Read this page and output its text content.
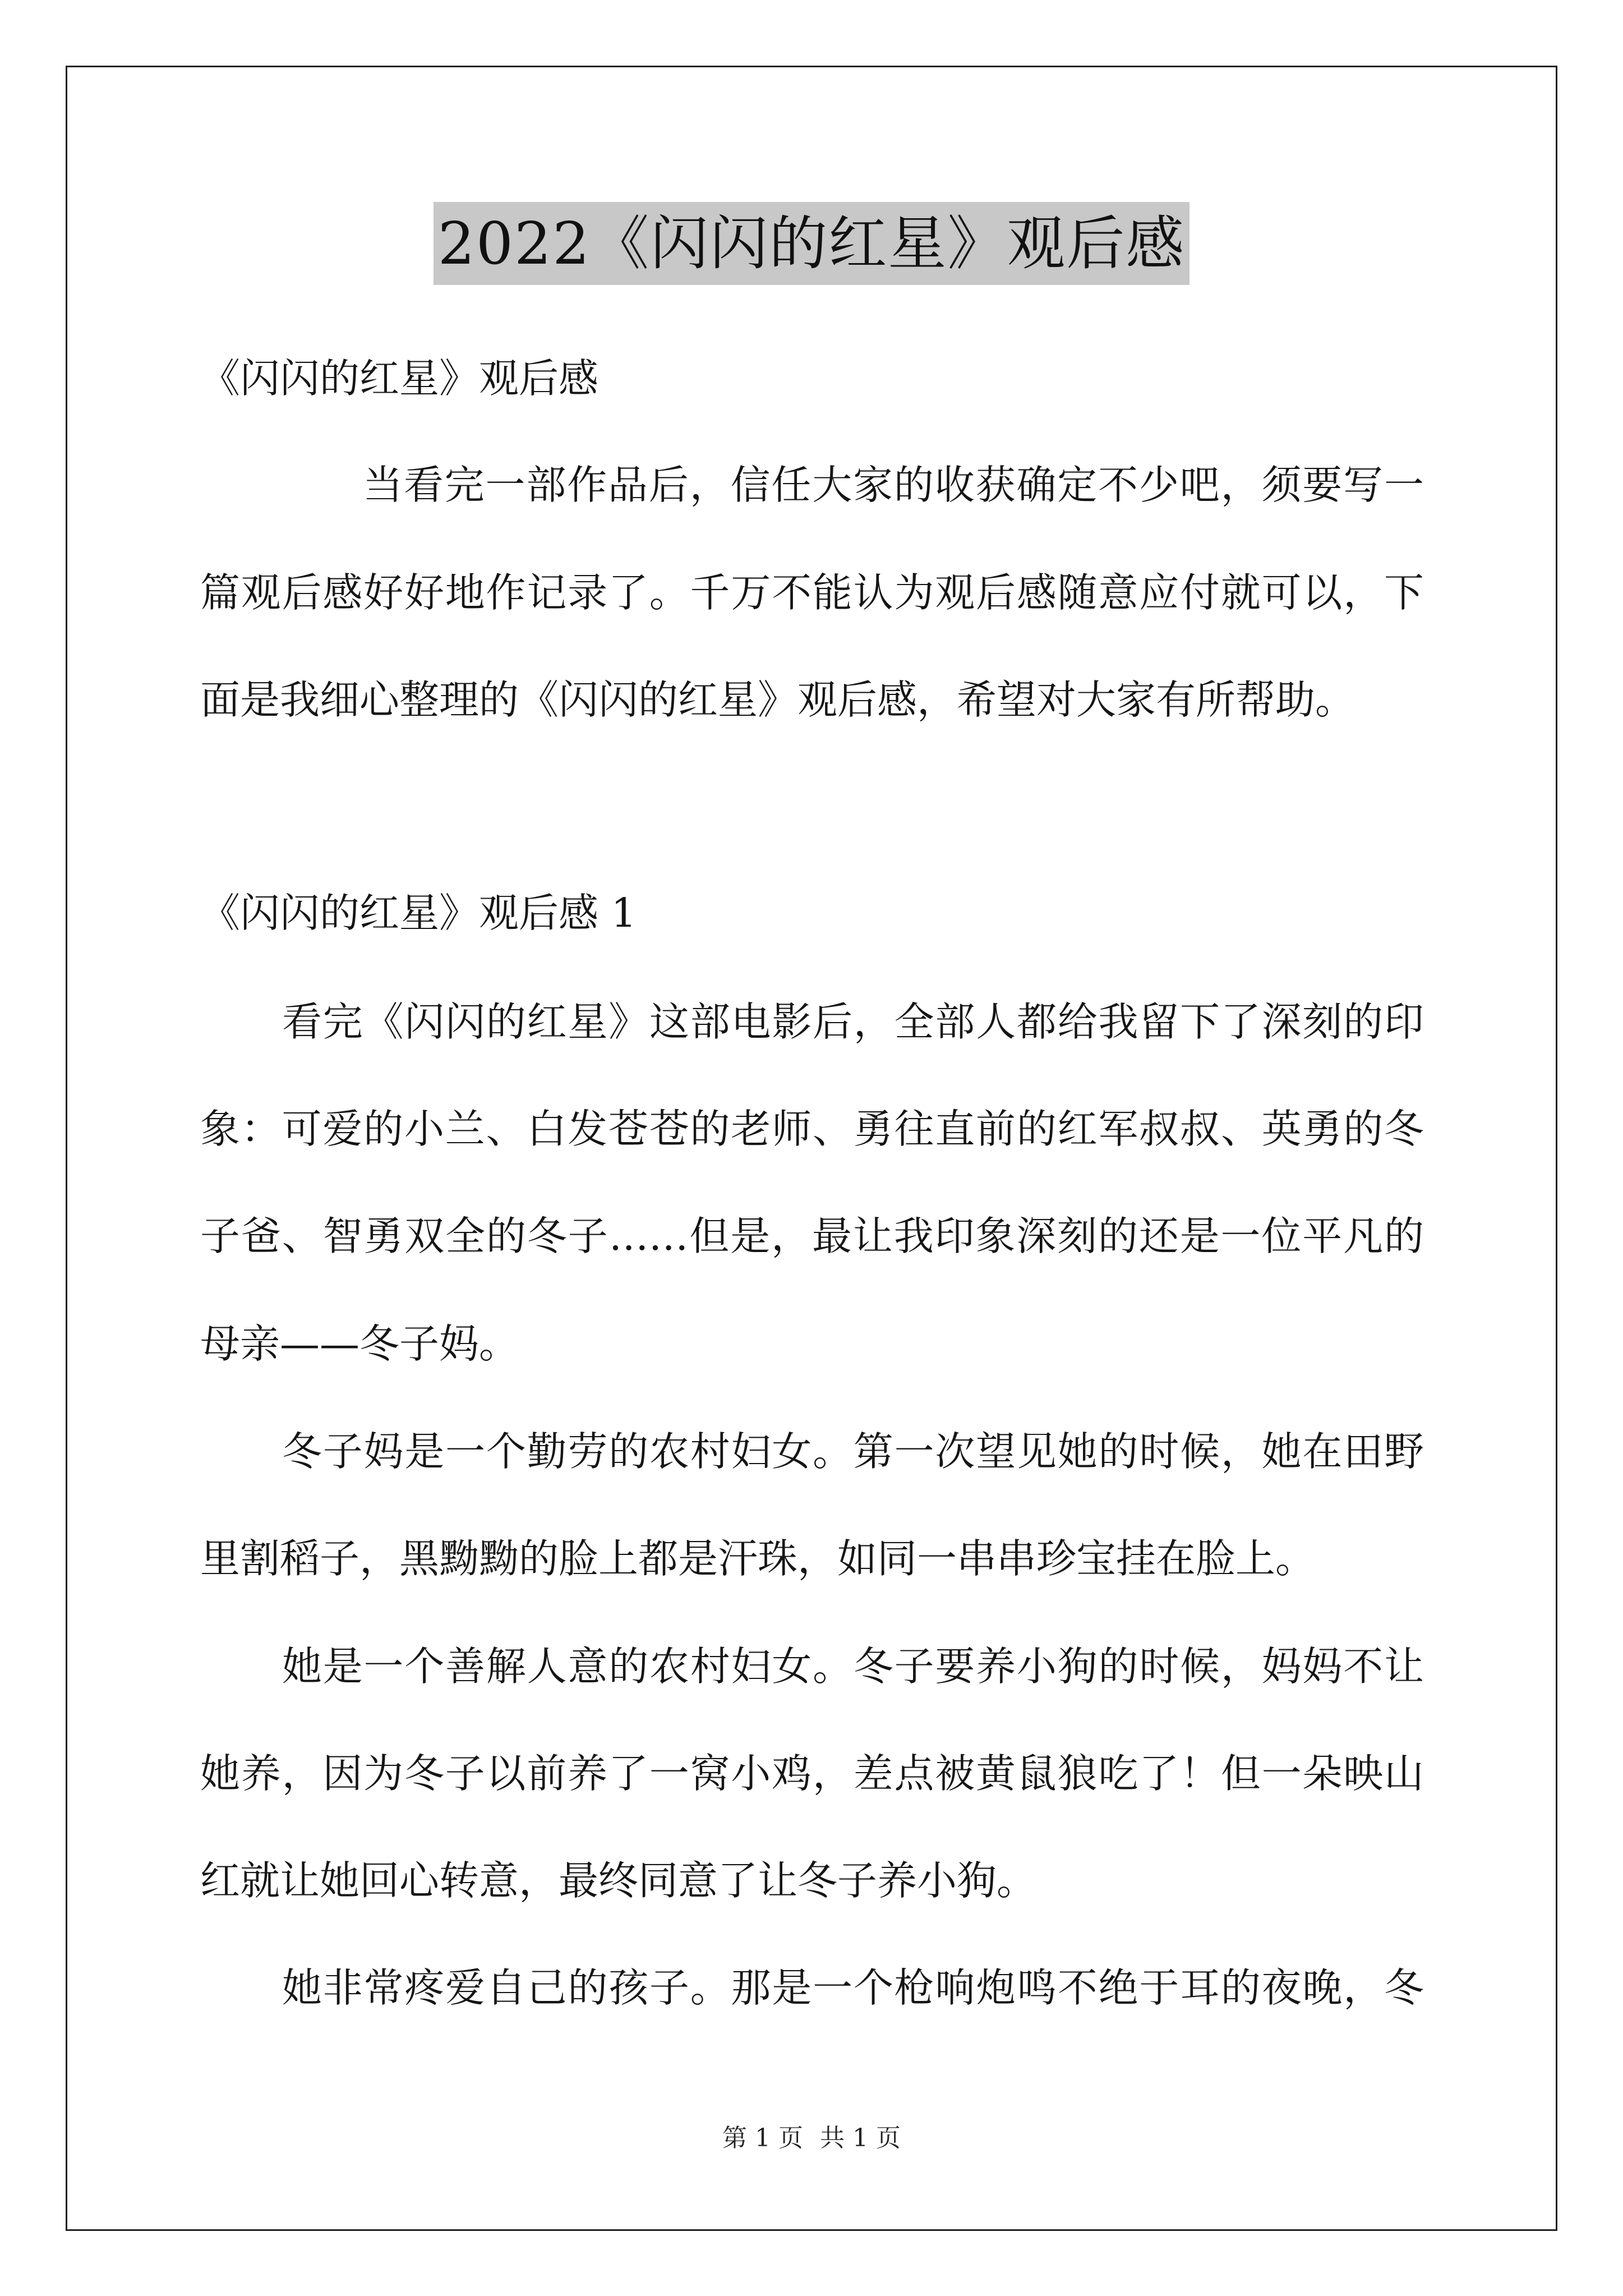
2022《闪闪的红星》观后感
《闪闪的红星》观后感
当看完一部作品后，信任大家的收获确定不少吧，须要写一
篇观后感好好地作记录了。千万不能认为观后感随意应付就可以，下
面是我细心整理的《闪闪的红星》观后感，希望对大家有所帮助。
《闪闪的红星》观后感 1
看完《闪闪的红星》这部电影后，全部人都给我留下了深刻的印
象：可爱的小兰、白发苍苍的老师、勇往直前的红军叔叔、英勇的冬
子爸、智勇双全的冬子……但是，最让我印象深刻的还是一位平凡的
母亲——冬子妈。
冬子妈是一个勤劳的农村妇女。第一次望见她的时候，她在田野
里割稻子，黑黝黝的脸上都是汗珠，如同一串串珍宝挂在脸上。
她是一个善解人意的农村妇女。冬子要养小狗的时候，妈妈不让
她养，因为冬子以前养了一窝小鸡，差点被黄鼠狼吃了！但一朵映山
红就让她回心转意，最终同意了让冬子养小狗。
她非常疼爱自己的孩子。那是一个枪响炮鸣不绝于耳的夜晚，冬
第 1 页 共 1 页
